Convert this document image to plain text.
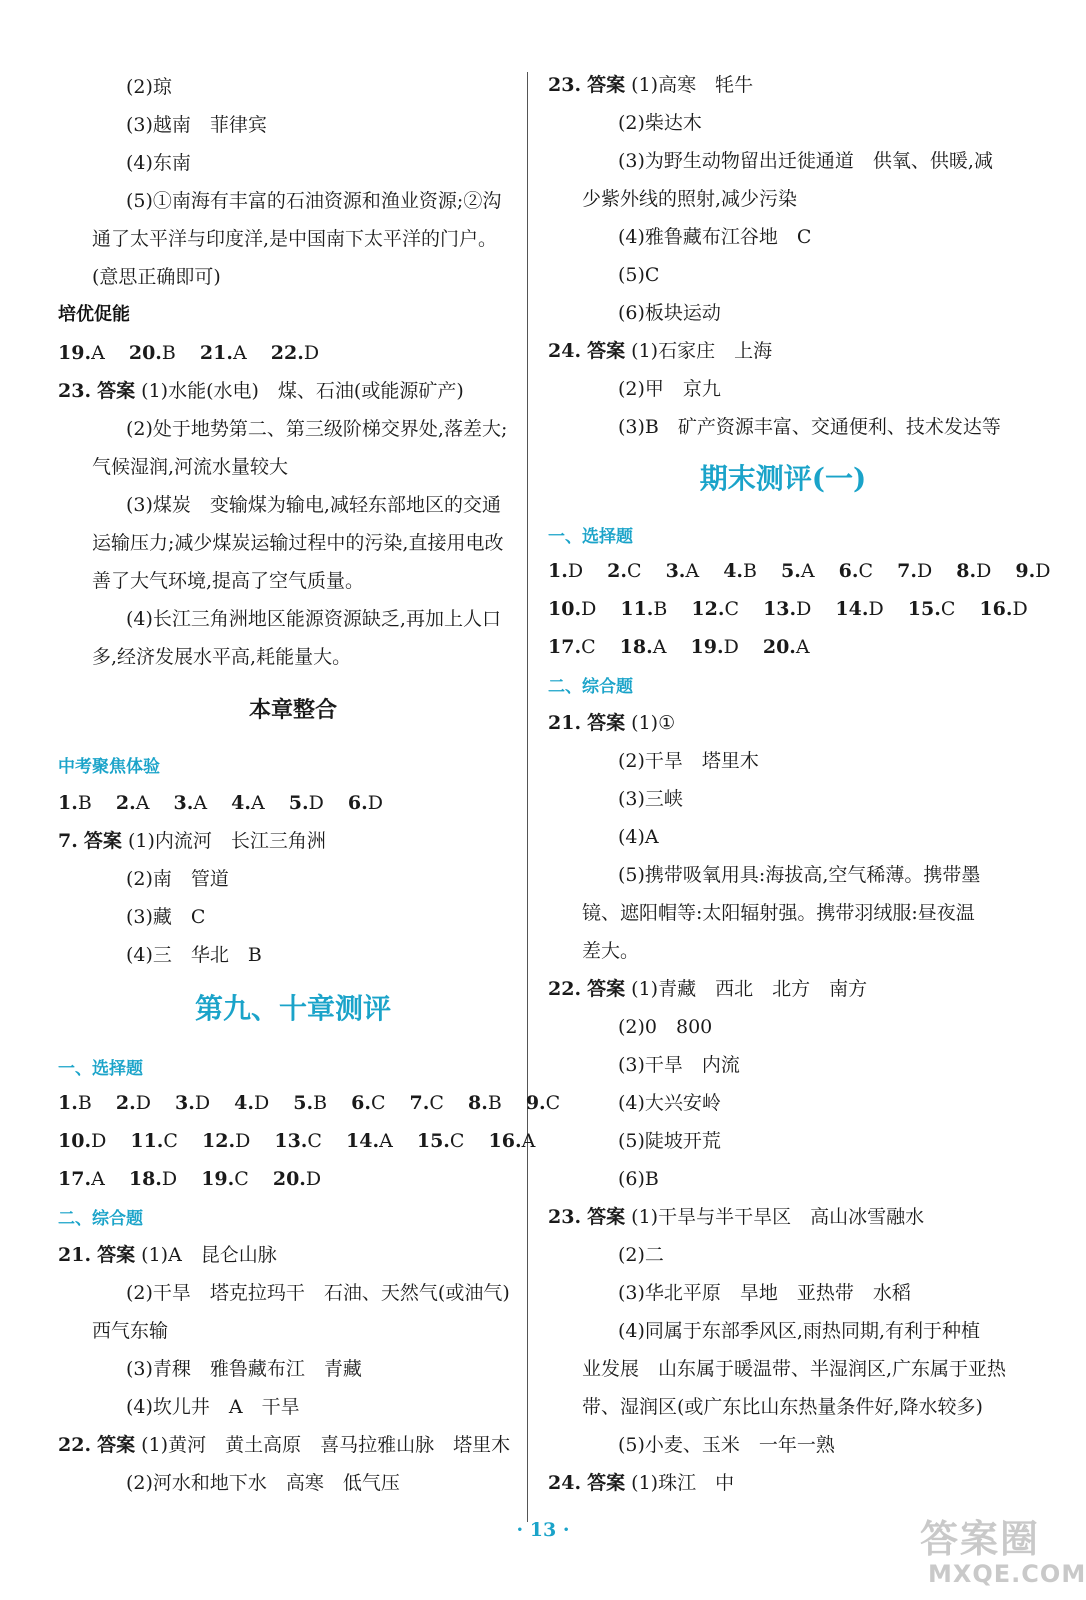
(2)琼
(3)越南　菲律宾
(4)东南
(5)①南海有丰富的石油资源和渔业资源;②沟
通了太平洋与印度洋,是中国南下太平洋的门户。
(意思正确即可)
培优促能
19.A 20.B 21.A 22.D
23. 答案 (1)水能(水电)　煤、石油(或能源矿产)
(2)处于地势第二、第三级阶梯交界处,落差大;
气候湿润,河流水量较大
(3)煤炭　变输煤为输电,减轻东部地区的交通
运输压力;减少煤炭运输过程中的污染,直接用电改
善了大气环境,提高了空气质量。
(4)长江三角洲地区能源资源缺乏,再加上人口
多,经济发展水平高,耗能量大。
本章整合
中考聚焦体验
1.B 2.A 3.A 4.A 5.D 6.D
7. 答案 (1)内流河　长江三角洲
(2)南　管道
(3)藏　C
(4)三　华北　B
第九、十章测评
一、选择题
1.B 2.D 3.D 4.D 5.B 6.C 7.C 8.B 9.C
10.D 11.C 12.D 13.C 14.A 15.C 16.A
17.A 18.D 19.C 20.D
二、综合题
21. 答案 (1)A　昆仑山脉
(2)干旱　塔克拉玛干　石油、天然气(或油气)
西气东输
(3)青稞　雅鲁藏布江　青藏
(4)坎儿井　A　干旱
22. 答案 (1)黄河　黄土高原　喜马拉雅山脉　塔里木
(2)河水和地下水　高寒　低气压
23. 答案 (1)高寒　牦牛
(2)柴达木
(3)为野生动物留出迁徙通道　供氧、供暖,减
少紫外线的照射,减少污染
(4)雅鲁藏布江谷地　C
(5)C
(6)板块运动
24. 答案 (1)石家庄　上海
(2)甲　京九
(3)B　矿产资源丰富、交通便利、技术发达等
期末测评(一)
一、选择题
1.D 2.C 3.A 4.B 5.A 6.C 7.D 8.D 9.D
10.D 11.B 12.C 13.D 14.D 15.C 16.D
17.C 18.A 19.D 20.A
二、综合题
21. 答案 (1)①
(2)干旱　塔里木
(3)三峡
(4)A
(5)携带吸氧用具:海拔高,空气稀薄。携带墨
镜、遮阳帽等:太阳辐射强。携带羽绒服:昼夜温
差大。
22. 答案 (1)青藏　西北　北方　南方
(2)0　800
(3)干旱　内流
(4)大兴安岭
(5)陡坡开荒
(6)B
23. 答案 (1)干旱与半干旱区　高山冰雪融水
(2)二
(3)华北平原　旱地　亚热带　水稻
(4)同属于东部季风区,雨热同期,有利于种植
业发展　山东属于暖温带、半湿润区,广东属于亚热
带、湿润区(或广东比山东热量条件好,降水较多)
(5)小麦、玉米　一年一熟
24. 答案 (1)珠江　中
· 13 ·	答案圈
MXQE.COM
